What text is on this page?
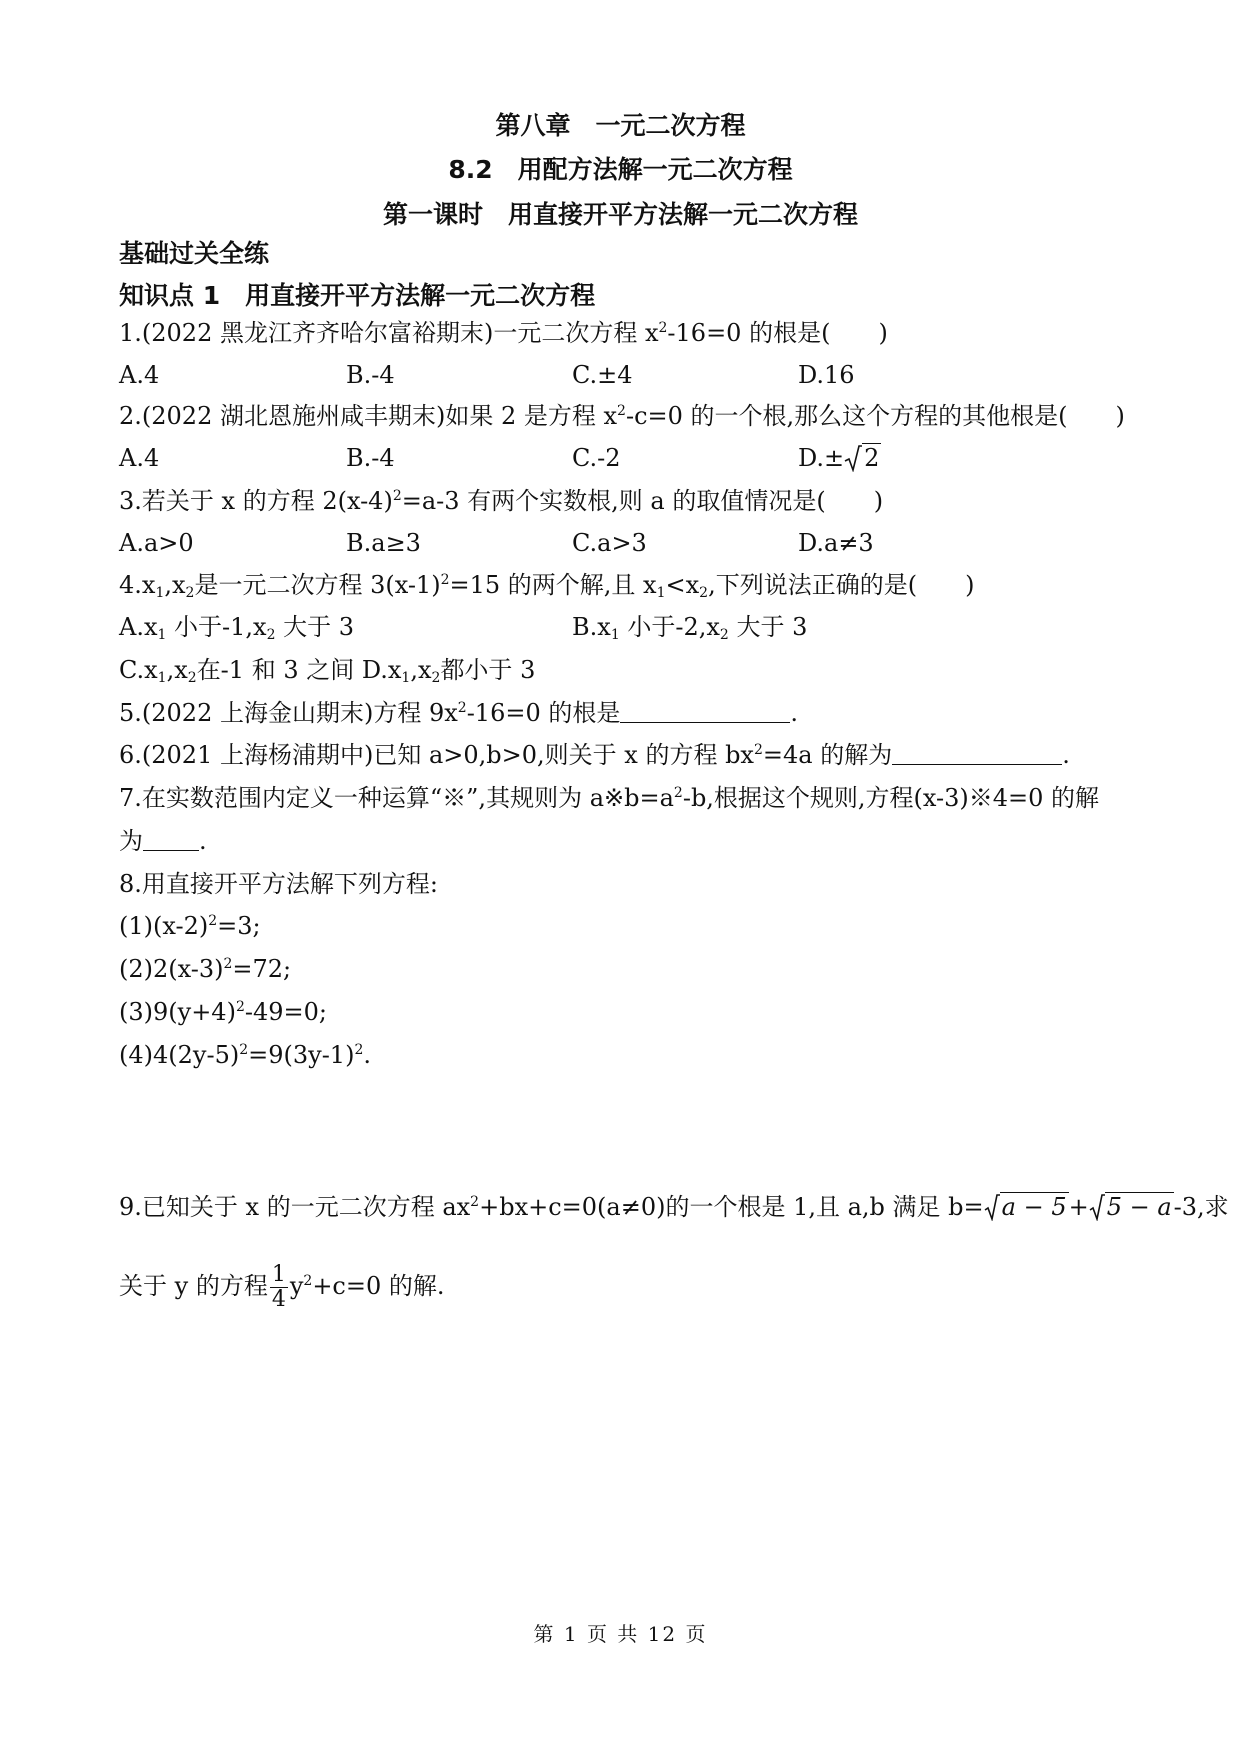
第八章　一元二次方程
8.2　用配方法解一元二次方程
第一课时　用直接开平方法解一元二次方程
基础过关全练
知识点 1　用直接开平方法解一元二次方程
1.(2022 黑龙江齐齐哈尔富裕期末)一元二次方程 $x^2-16=0$ 的根是(　　)
A.4	B.-4	C.±4	D.16
2.(2022 湖北恩施州咸丰期末)如果 2 是方程 $x^2-c=0$ 的一个根,那么这个方程的其他根是(　　)
A.4	B.-4	C.-2	D.± 2
3.若关于 x 的方程 $2(x-4)^2=a-3$ 有两个实数根,则 a 的取值情况是(　　)
A.a>0	B.a≥3	C.a>3	D.a≠3
$4.x_1,x_2$是一元二次方程 $3(x-1)^2=15$ 的两个解,且 $x_1<x_2$,下列说法正确的是(　　)
$A.x_1$ 小于$-1,x_2$ 大于 3	$B.x_1$ 小于$-2,x_2$ 大于 3
$C.x_1,x_2$在-1 和 3 之间 $D.x_1,x_2$都小于 3
5.(2022 上海金山期末)方程 $9x^2-16=0$ 的根是	.
6.(2021 上海杨浦期中)已知 a>0,b>0,则关于 x 的方程 $bx^2=4a$ 的解为	.
7.在实数范围内定义一种运算“※”,其规则为 $a※b=a^2-b$,根据这个规则,方程(x-3)※4=0 的解
为 .
8.用直接开平方法解下列方程:
$(1)(x-2)^2=3$;
$(2)2(x-3)^2=72$;
$(3)9(y+4)^2-49=0$;
$(4)4(2y-5)^2=9(3y-1)^2$.
9.已知关于 x 的一元二次方程 $ax^2+bx+c=0(a\ne 0)$的一个根是 1,且 a,b 满足 b= a − 5+ 5 − a-3,求
关于 y 的方程 $\frac{1}{4} y^2+c=0$ 的解.
第 1 页 共 12 页
